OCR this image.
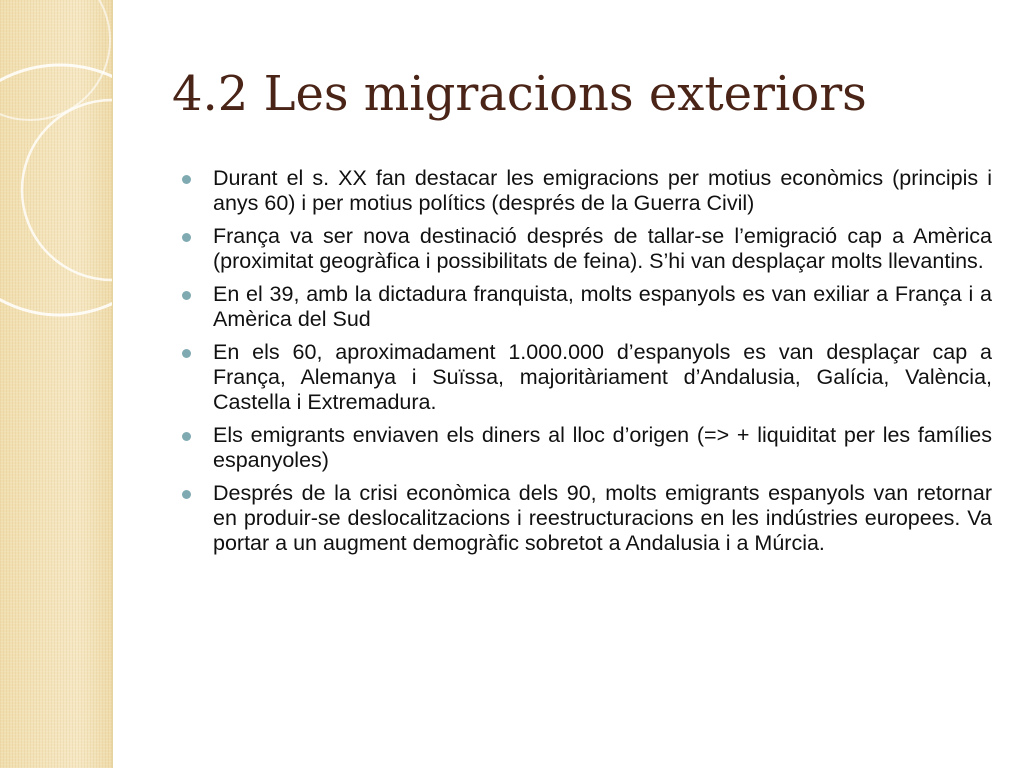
4.2 Les migracions exteriors
Durant el s. XX fan destacar les emigracions per motius econòmics (principis i anys 60) i per motius polítics (després de la Guerra Civil)
França va ser nova destinació després de tallar-se l’emigració cap a Amèrica (proximitat geogràfica i possibilitats de feina). S’hi van desplaçar molts llevantins.
En el 39, amb la dictadura franquista, molts espanyols es van exiliar a França i a Amèrica del Sud
En els 60, aproximadament 1.000.000 d’espanyols es van desplaçar cap a França, Alemanya i Suïssa, majoritàriament d’Andalusia, Galícia, València, Castella i Extremadura.
Els emigrants enviaven els diners al lloc d’origen (=> + liquiditat per les famílies espanyoles)
Després de la crisi econòmica dels 90, molts emigrants espanyols van retornar en produir-se deslocalitzacions i reestructuracions en les indústries europees. Va portar a un augment demogràfic sobretot a Andalusia i a Múrcia.
